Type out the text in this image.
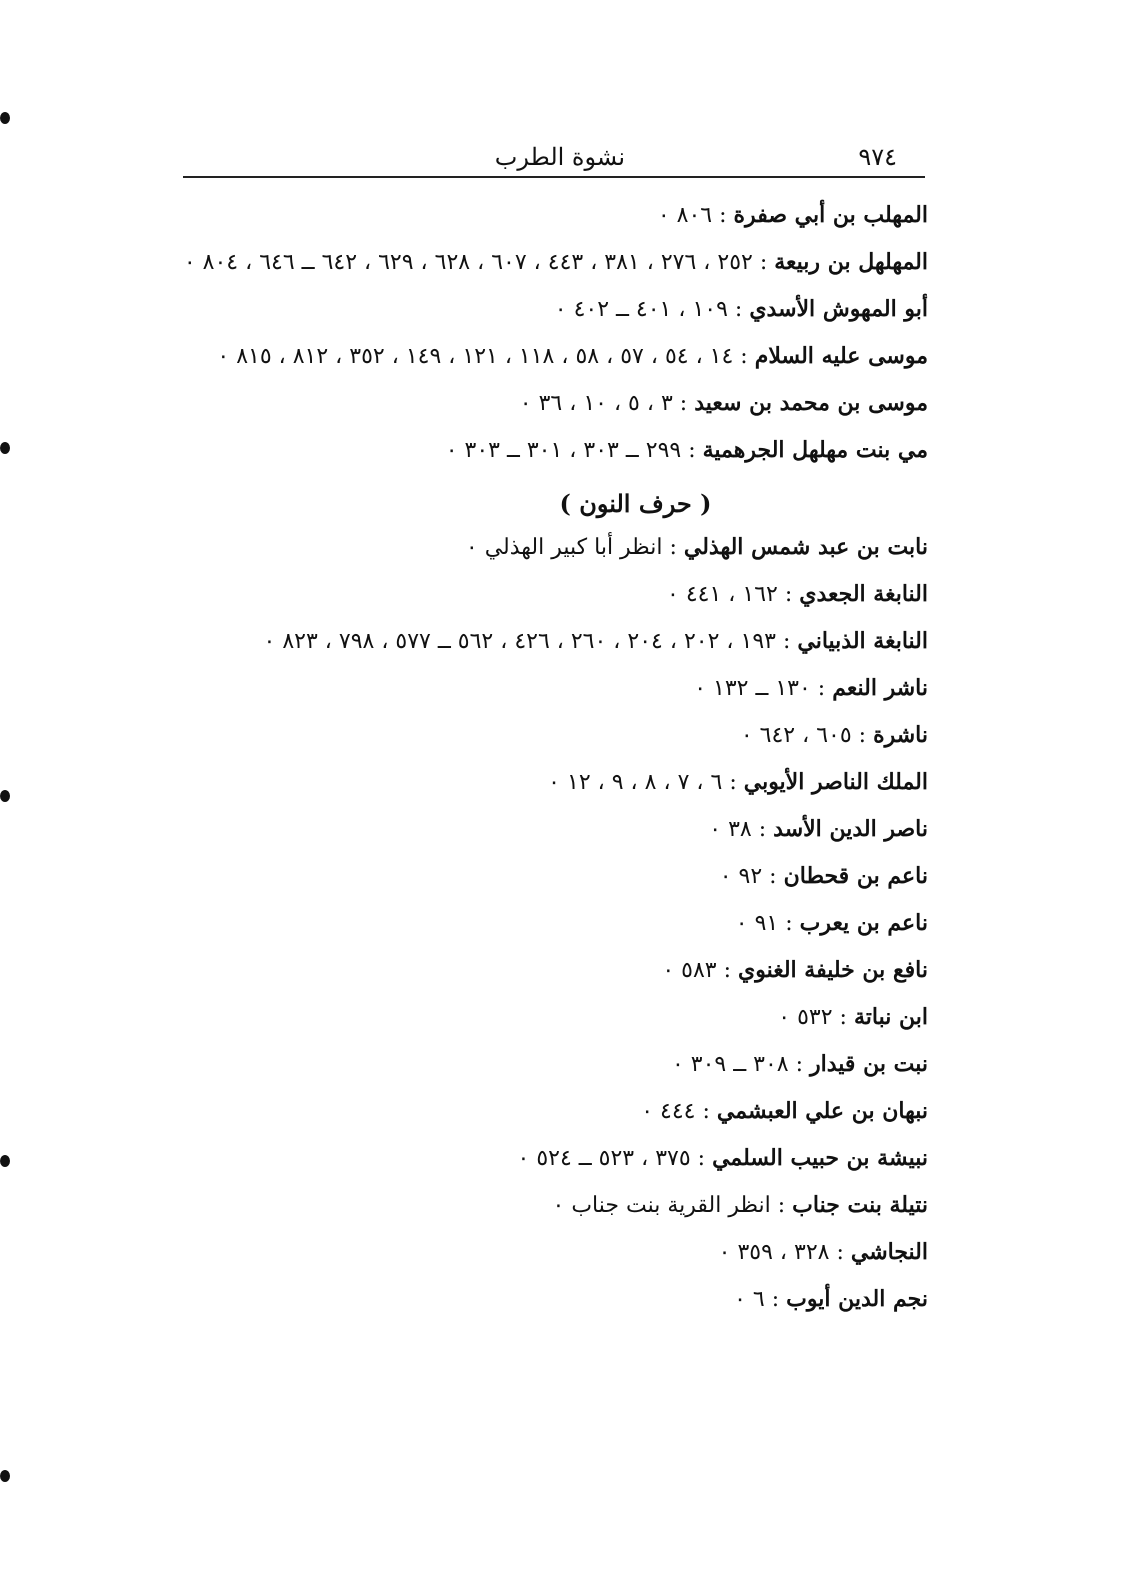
٩٧٤
نشوة الطرب
المهلب بن أبي صفرة : ٨٠٦ ٠
المهلهل بن ربيعة : ٢٥٢ ، ٢٧٦ ، ٣٨١ ، ٤٤٣ ، ٦٠٧ ، ٦٢٨ ، ٦٢٩ ، ٦٤٢ ــ ٦٤٦ ، ٨٠٤ ٠
أبو المهوش الأسدي : ١٠٩ ، ٤٠١ ــ ٤٠٢ ٠
موسى عليه السلام : ١٤ ، ٥٤ ، ٥٧ ، ٥٨ ، ١١٨ ، ١٢١ ، ١٤٩ ، ٣٥٢ ، ٨١٢ ، ٨١٥ ٠
موسى بن محمد بن سعيد : ٣ ، ٥ ، ١٠ ، ٣٦ ٠
مي بنت مهلهل الجرهمية : ٢٩٩ ــ ٣٠٣ ، ٣٠١ ــ ٣٠٣ ٠
( حرف النون )
نابت بن عبد شمس الهذلي : انظر أبا كبير الهذلي ٠
النابغة الجعدي : ١٦٢ ، ٤٤١ ٠
النابغة الذبياني : ١٩٣ ، ٢٠٢ ، ٢٠٤ ، ٢٦٠ ، ٤٢٦ ، ٥٦٢ ــ ٥٧٧ ، ٧٩٨ ، ٨٢٣ ٠
ناشر النعم : ١٣٠ ــ ١٣٢ ٠
ناشرة : ٦٠٥ ، ٦٤٢ ٠
الملك الناصر الأيوبي : ٦ ، ٧ ، ٨ ، ٩ ، ١٢ ٠
ناصر الدين الأسد : ٣٨ ٠
ناعم بن قحطان : ٩٢ ٠
ناعم بن يعرب : ٩١ ٠
نافع بن خليفة الغنوي : ٥٨٣ ٠
ابن نباتة : ٥٣٢ ٠
نبت بن قيدار : ٣٠٨ ــ ٣٠٩ ٠
نبهان بن علي العبشمي : ٤٤٤ ٠
نبيشة بن حبيب السلمي : ٣٧٥ ، ٥٢٣ ــ ٥٢٤ ٠
نتيلة بنت جناب : انظر القرية بنت جناب ٠
النجاشي : ٣٢٨ ، ٣٥٩ ٠
نجم الدين أيوب : ٦ ٠
